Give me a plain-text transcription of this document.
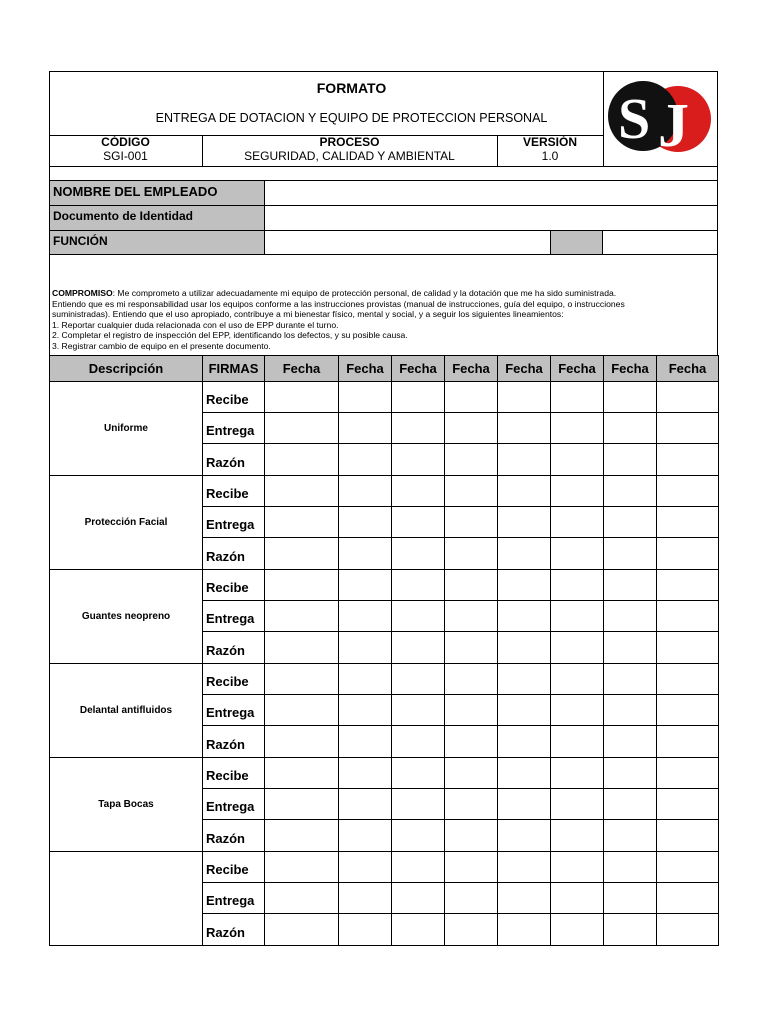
FORMATO
ENTREGA DE DOTACION Y EQUIPO DE PROTECCION PERSONAL
CÓDIGO
SGI-001
PROCESO
SEGURIDAD, CALIDAD Y AMBIENTAL
VERSIÓN
1.0
S J
NOMBRE DEL EMPLEADO
Documento de Identidad
FUNCIÓN
COMPROMISO: Me comprometo a utilizar adecuadamente mi equipo de protección personal, de calidad y la dotación que me ha sido suministrada.
Entiendo que es mi responsabilidad usar los equipos conforme a las instrucciones provistas (manual de instrucciones, guía del equipo, o instrucciones
suministradas). Entiendo que el uso apropiado, contribuye a mi bienestar físico, mental y social, y a seguir los siguientes lineamientos:
1. Reportar cualquier duda relacionada con el uso de EPP durante el turno.
2. Completar el registro de inspección del EPP, identificando los defectos, y su posible causa.
3. Registrar cambio de equipo en el presente documento.
Descripción	FIRMAS	Fecha	Fecha	Fecha	Fecha	Fecha	Fecha	Fecha	Fecha
Uniforme	Recibe								
	Entrega								
	Razón								
Protección Facial	Recibe								
	Entrega								
	Razón								
Guantes neopreno	Recibe								
	Entrega								
	Razón								
Delantal antifluidos	Recibe								
	Entrega								
	Razón								
Tapa Bocas	Recibe								
	Entrega								
	Razón								
	Recibe								
	Entrega								
	Razón								
